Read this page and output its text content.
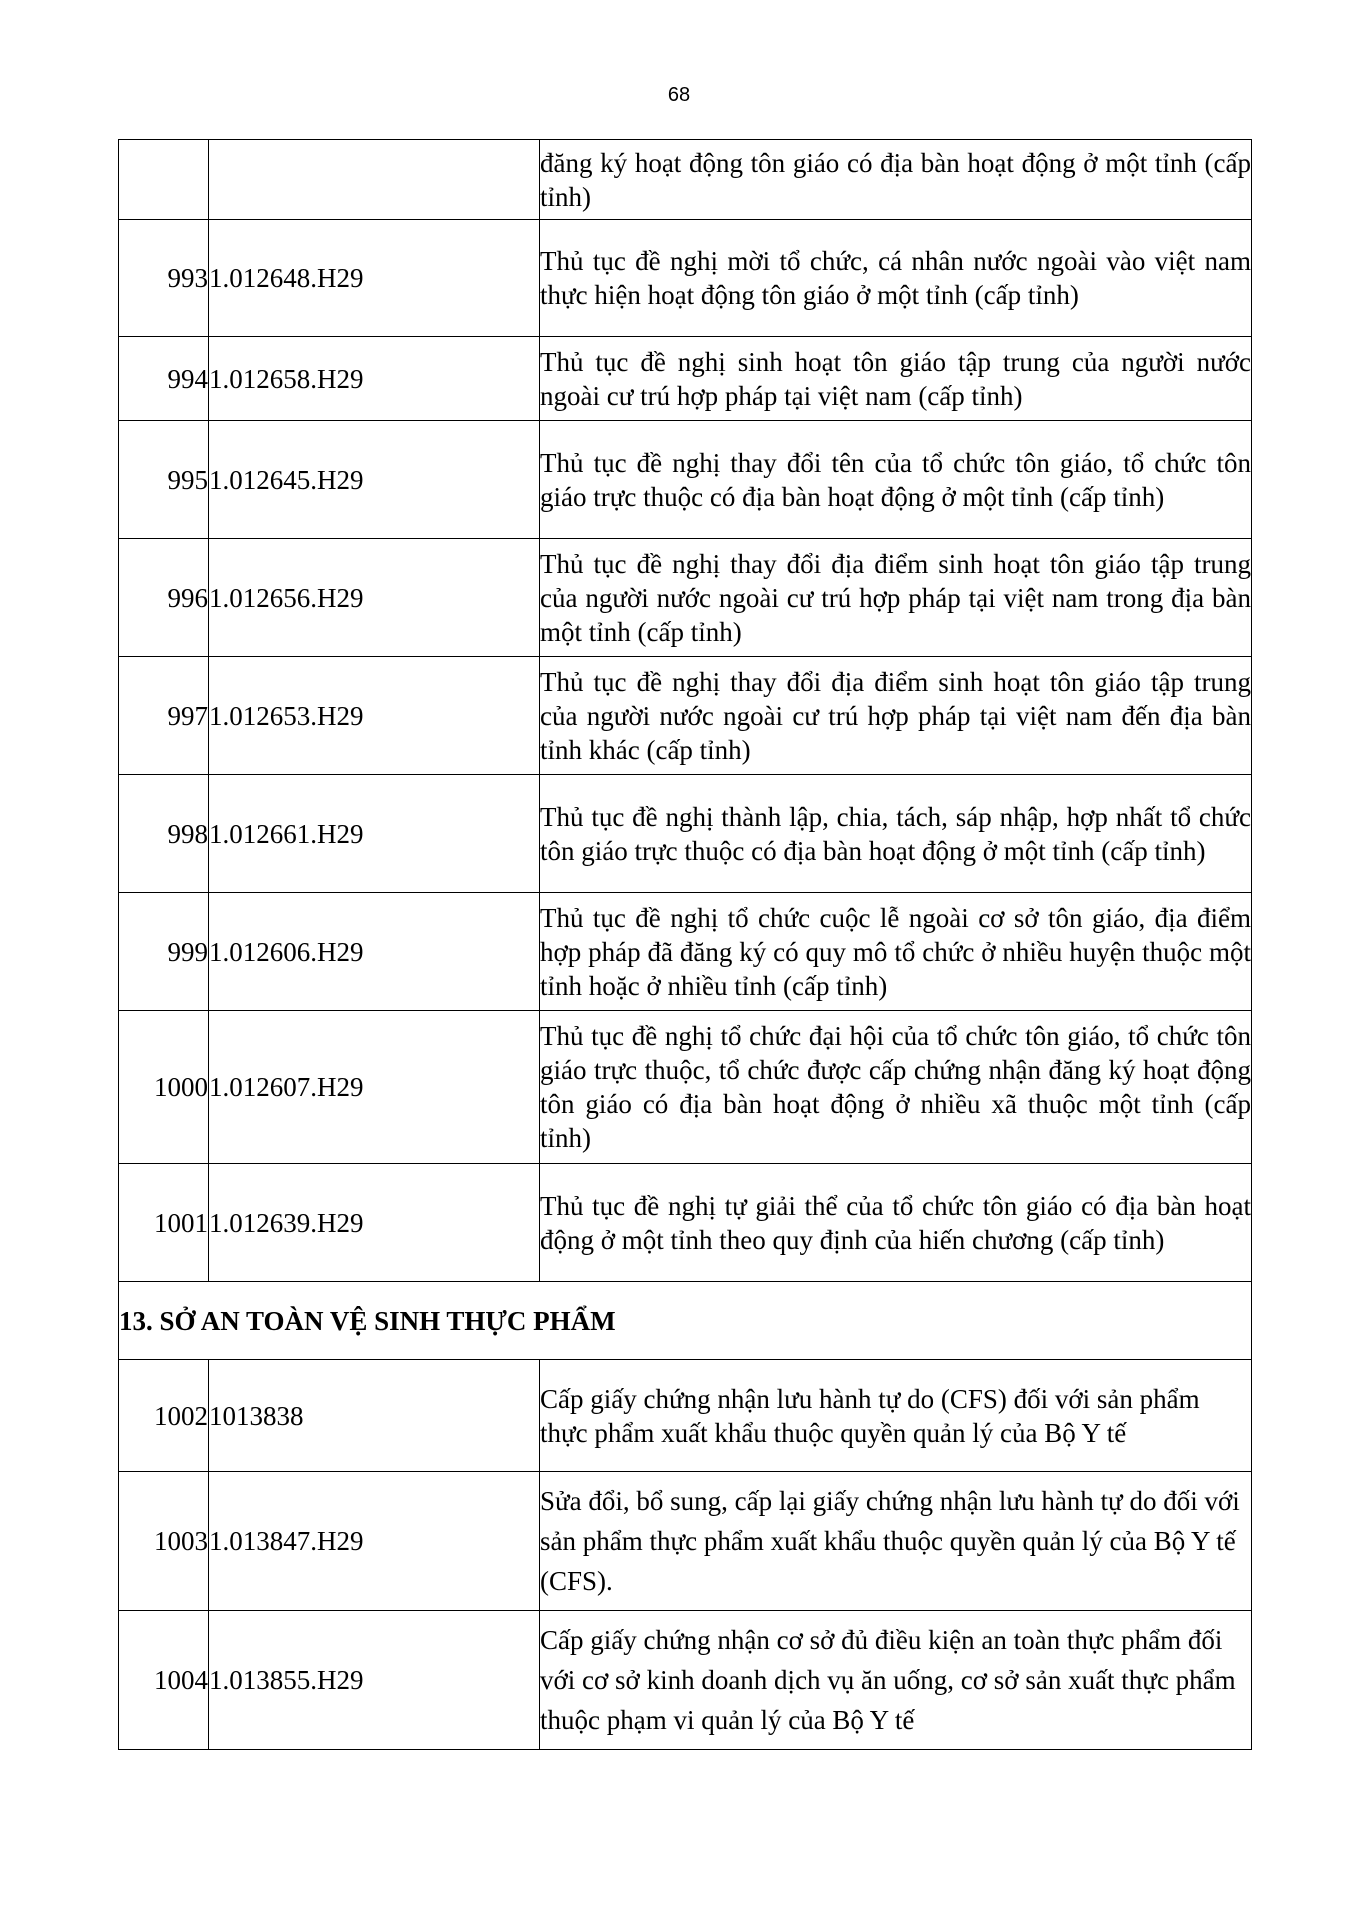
68
		đăng ký hoạt động tôn giáo có địa bàn hoạt động ở một tỉnh (cấp tỉnh)
993	1.012648.H29	Thủ tục đề nghị mời tổ chức, cá nhân nước ngoài vào việt nam thực hiện hoạt động tôn giáo ở một tỉnh (cấp tỉnh)
994	1.012658.H29	Thủ tục đề nghị sinh hoạt tôn giáo tập trung của người nước ngoài cư trú hợp pháp tại việt nam (cấp tỉnh)
995	1.012645.H29	Thủ tục đề nghị thay đổi tên của tổ chức tôn giáo, tổ chức tôn giáo trực thuộc có địa bàn hoạt động ở một tỉnh (cấp tỉnh)
996	1.012656.H29	Thủ tục đề nghị thay đổi địa điểm sinh hoạt tôn giáo tập trung của người nước ngoài cư trú hợp pháp tại việt nam trong địa bàn một tỉnh (cấp tỉnh)
997	1.012653.H29	Thủ tục đề nghị thay đổi địa điểm sinh hoạt tôn giáo tập trung của người nước ngoài cư trú hợp pháp tại việt nam đến địa bàn tỉnh khác (cấp tỉnh)
998	1.012661.H29	Thủ tục đề nghị thành lập, chia, tách, sáp nhập, hợp nhất tổ chức tôn giáo trực thuộc có địa bàn hoạt động ở một tỉnh (cấp tỉnh)
999	1.012606.H29	Thủ tục đề nghị tổ chức cuộc lễ ngoài cơ sở tôn giáo, địa điểm hợp pháp đã đăng ký có quy mô tổ chức ở nhiều huyện thuộc một tỉnh hoặc ở nhiều tỉnh (cấp tỉnh)
1000	1.012607.H29	Thủ tục đề nghị tổ chức đại hội của tổ chức tôn giáo, tổ chức tôn giáo trực thuộc, tổ chức được cấp chứng nhận đăng ký hoạt động tôn giáo có địa bàn hoạt động ở nhiều xã thuộc một tỉnh (cấp tỉnh)
1001	1.012639.H29	Thủ tục đề nghị tự giải thể của tổ chức tôn giáo có địa bàn hoạt động ở một tỉnh theo quy định của hiến chương (cấp tỉnh)
13. SỞ AN TOÀN VỆ SINH THỰC PHẨM		
1002	1013838	Cấp giấy chứng nhận lưu hành tự do (CFS) đối với sản phẩm thực phẩm xuất khẩu thuộc quyền quản lý của Bộ Y tế
1003	1.013847.H29	Sửa đổi, bổ sung, cấp lại giấy chứng nhận lưu hành tự do đối với sản phẩm thực phẩm xuất khẩu thuộc quyền quản lý của Bộ Y tế (CFS).
1004	1.013855.H29	Cấp giấy chứng nhận cơ sở đủ điều kiện an toàn thực phẩm đối với cơ sở kinh doanh dịch vụ ăn uống, cơ sở sản xuất thực phẩm thuộc phạm vi quản lý của Bộ Y tế
